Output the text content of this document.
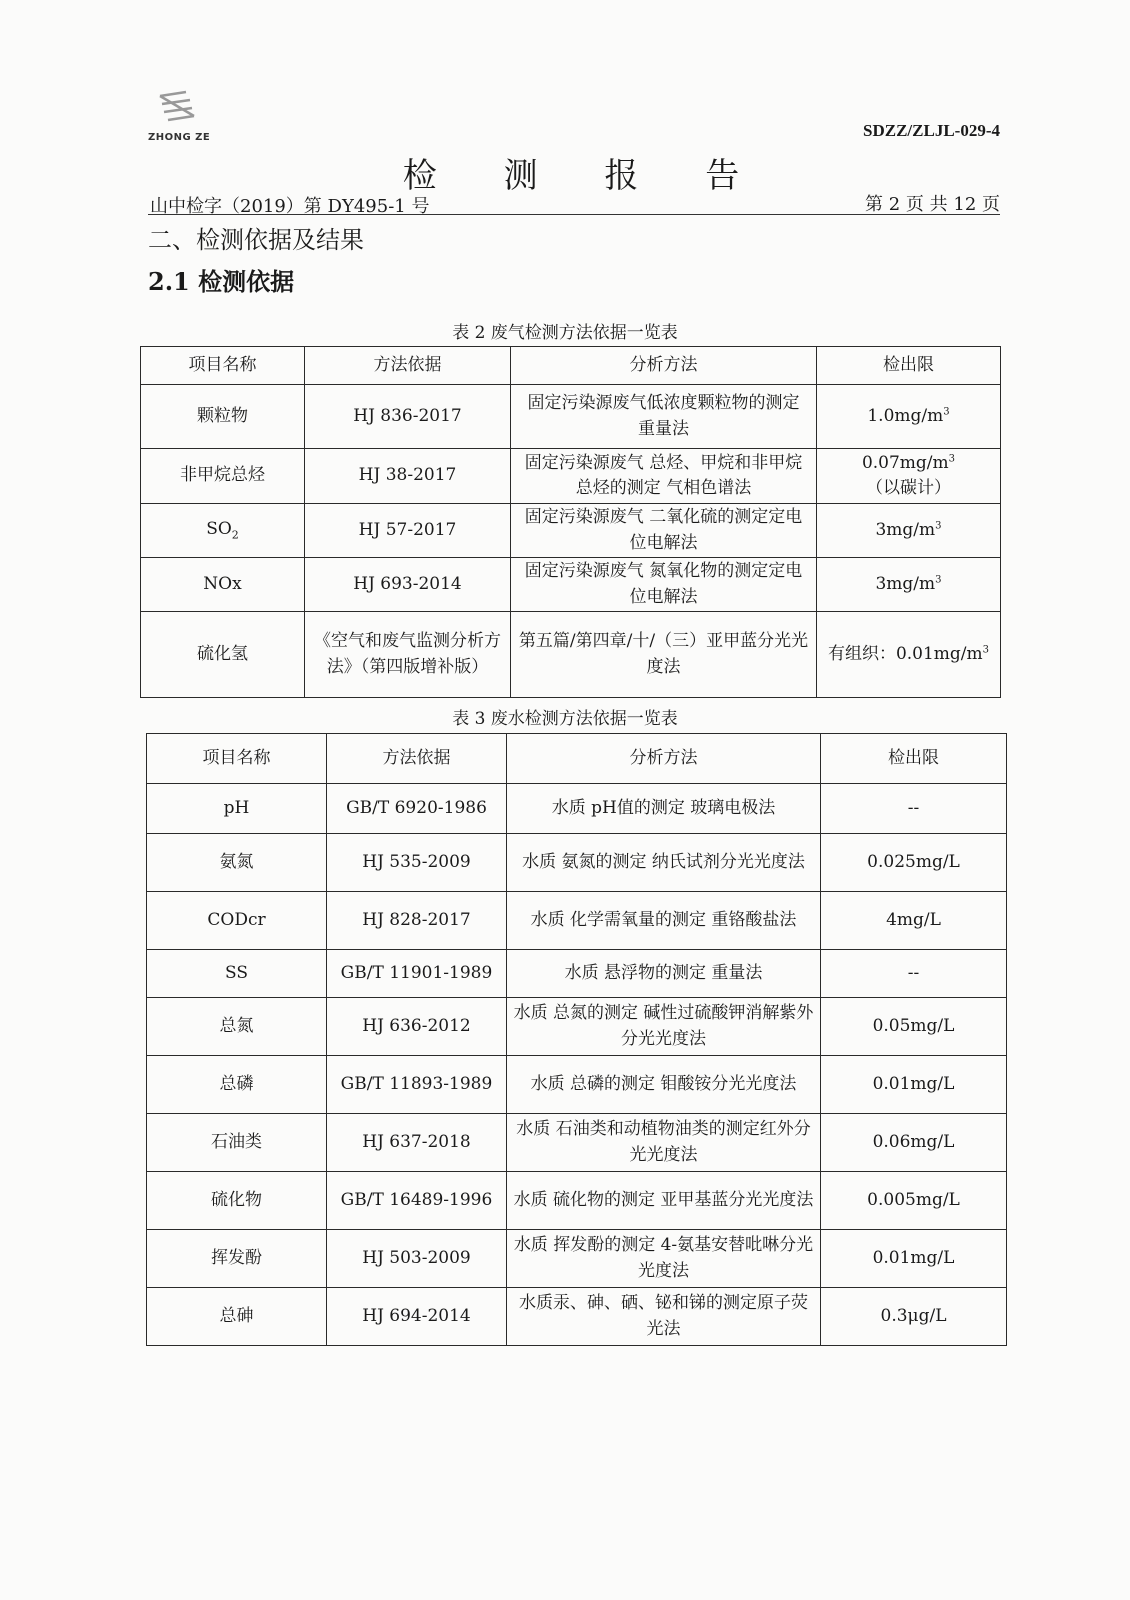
ZHONG ZE	SDZZ/ZLJL-029-4
检 测 报 告
山中检字（2019）第 DY495-1 号	第 2 页 共 12 页
二、检测依据及结果
2.1 检测依据
表 2 废气检测方法依据一览表
项目名称	方法依据	分析方法	检出限
颗粒物	HJ 836-2017	固定污染源废气低浓度颗粒物的测定 重量法	$1.0mg/m^3$
非甲烷总烃	HJ 38-2017	固定污染源废气 总烃、甲烷和非甲烷总烃的测定 气相色谱法	$0.07mg/m^3$
（以碳计）
$SO_2$	HJ 57-2017	固定污染源废气 二氧化硫的测定定电位电解法	$3mg/m^3$
NOx	HJ 693-2014	固定污染源废气 氮氧化物的测定定电位电解法	$3mg/m^3$
硫化氢	《空气和废气监测分析方法》（第四版增补版）	第五篇/第四章/十/（三）亚甲蓝分光光度法	有组织：$0.01mg/m^3$
表 3 废水检测方法依据一览表
项目名称	方法依据	分析方法	检出限
pH	GB/T 6920-1986	水质 pH值的测定 玻璃电极法	--
氨氮	HJ 535-2009	水质 氨氮的测定 纳氏试剂分光光度法	0.025mg/L
CODcr	HJ 828-2017	水质 化学需氧量的测定 重铬酸盐法	4mg/L
SS	GB/T 11901-1989	水质 悬浮物的测定 重量法	--
总氮	HJ 636-2012	水质 总氮的测定 碱性过硫酸钾消解紫外分光光度法	0.05mg/L
总磷	GB/T 11893-1989	水质 总磷的测定 钼酸铵分光光度法	0.01mg/L
石油类	HJ 637-2018	水质 石油类和动植物油类的测定红外分光光度法	0.06mg/L
硫化物	GB/T 16489-1996	水质 硫化物的测定 亚甲基蓝分光光度法	0.005mg/L
挥发酚	HJ 503-2009	水质 挥发酚的测定 4-氨基安替吡啉分光光度法	0.01mg/L
总砷	HJ 694-2014	水质汞、砷、硒、铋和锑的测定原子荧光法	0.3μg/L
